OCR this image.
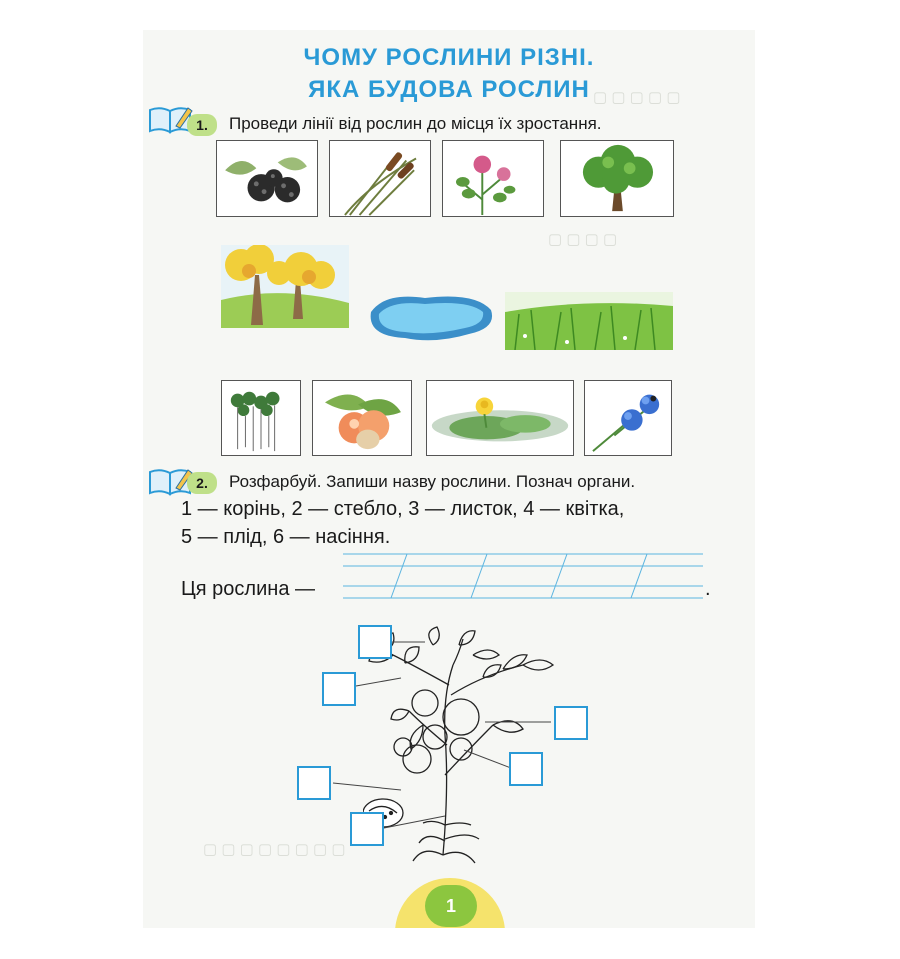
▢ ▢ ▢ ▢ ▢
▢ ▢ ▢ ▢
▢ ▢ ▢ ▢ ▢ ▢ ▢ ▢
ЧОМУ РОСЛИНИ РІЗНІ.
ЯКА БУДОВА РОСЛИН
1.	Проведи лінії від рослин до місця їх зростання.
2.	Розфарбуй. Запиши назву рослини. Познач органи.
1 — корінь, 2 — стебло, 3 — листок, 4 — квітка,
5 — плід, 6 — насіння.
Ця рослина —	.
1
